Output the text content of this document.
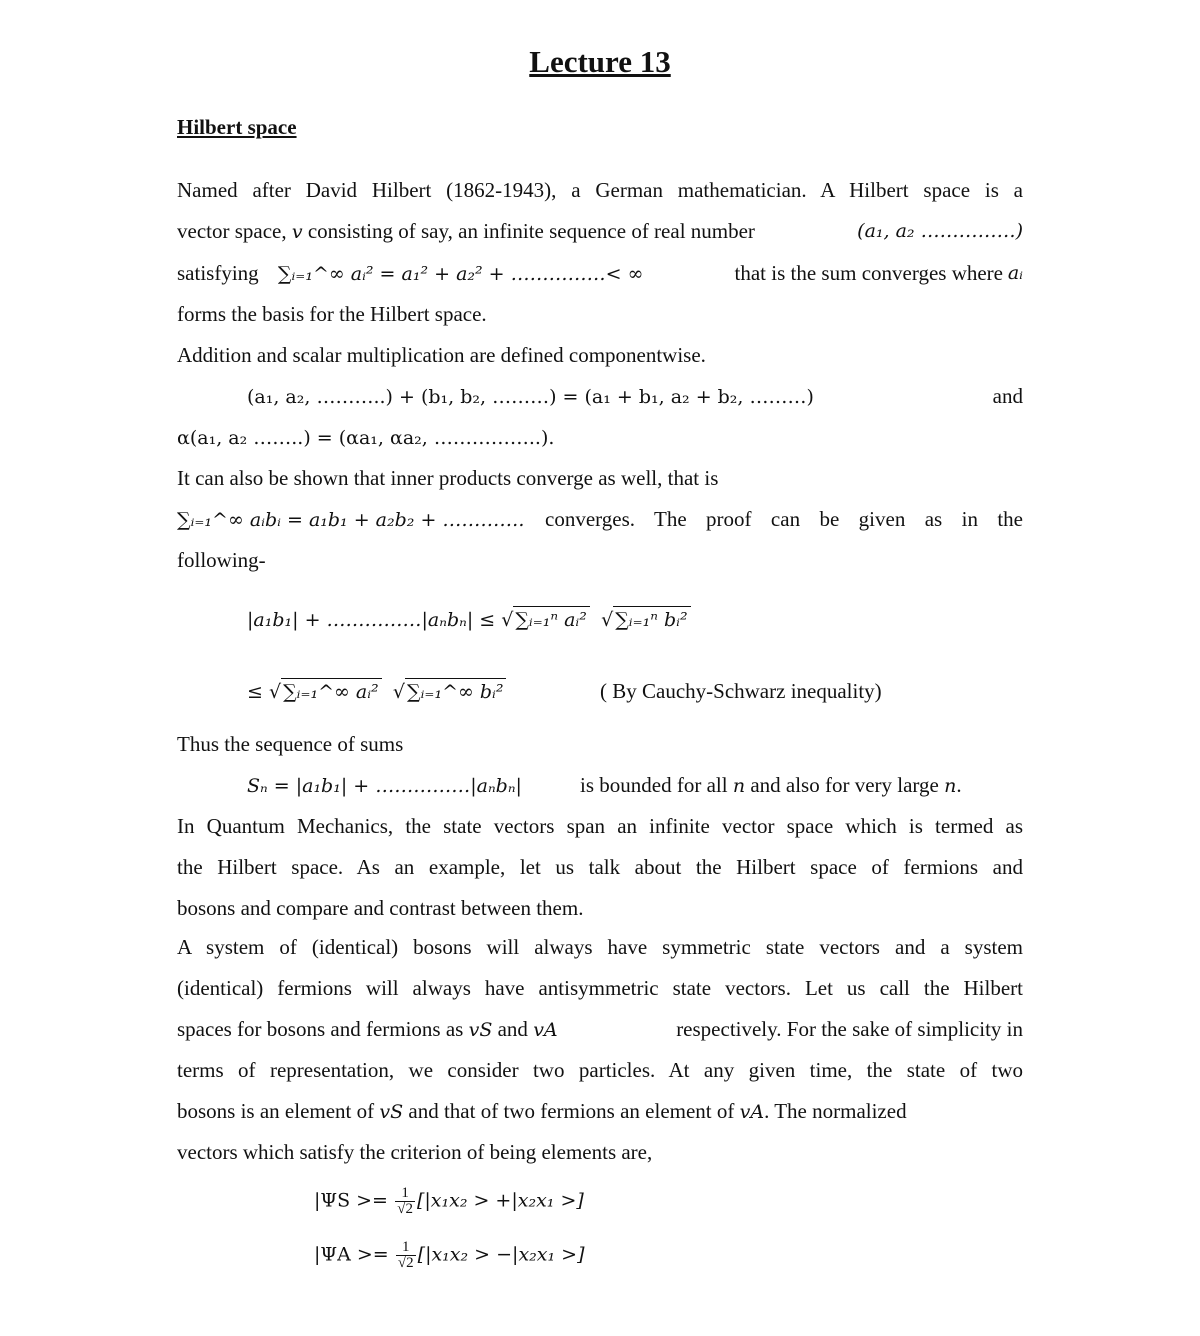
Lecture 13
Hilbert space
Named after David Hilbert (1862-1943), a German mathematician. A Hilbert space is a
vector space, v consisting of say, an infinite sequence of real number	(a₁, a₂ ……………)
satisfying ∑ᵢ₌₁^∞ aᵢ² = a₁² + a₂² + ……………< ∞	that is the sum converges where aᵢ
forms the basis for the Hilbert space.
Addition and scalar multiplication are defined componentwise.
(a₁, a₂, ………..) + (b₁, b₂, ………) = (a₁ + b₁, a₂ + b₂, ………)	and
α(a₁, a₂ ……..) = (αa₁, αa₂, ……………..).
It can also be shown that inner products converge as well, that is
∑ᵢ₌₁^∞ aᵢbᵢ = a₁b₁ + a₂b₂ + …………. converges. The proof can be given as in the
following-
|a₁b₁| + ……………|aₙbₙ| ≤ √ ∑ᵢ₌₁ⁿ aᵢ² √ ∑ᵢ₌₁ⁿ bᵢ²
≤ √ ∑ᵢ₌₁^∞ aᵢ² √ ∑ᵢ₌₁^∞ bᵢ²	( By Cauchy-Schwarz inequality)
Thus the sequence of sums
Sₙ = |a₁b₁| + ……………|aₙbₙ|	is bounded for all n and also for very large n.
In Quantum Mechanics, the state vectors span an infinite vector space which is termed as
the Hilbert space. As an example, let us talk about the Hilbert space of fermions and
bosons and compare and contrast between them.
A system of (identical) bosons will always have symmetric state vectors and a system
(identical) fermions will always have antisymmetric state vectors. Let us call the Hilbert
spaces for bosons and fermions as vS and vA	respectively. For the sake of simplicity in
terms of representation, we consider two particles. At any given time, the state of two
bosons is an element of vS and that of two fermions an element of vA. The normalized
vectors which satisfy the criterion of being elements are,
$|\Psi S >= \frac{1}{√2} [|x_1x_2 > +|x_2x_1$ >]
$|\Psi A >= \frac{1}{√2} [|x_1x_2 > -|x_2x_1$ >]
